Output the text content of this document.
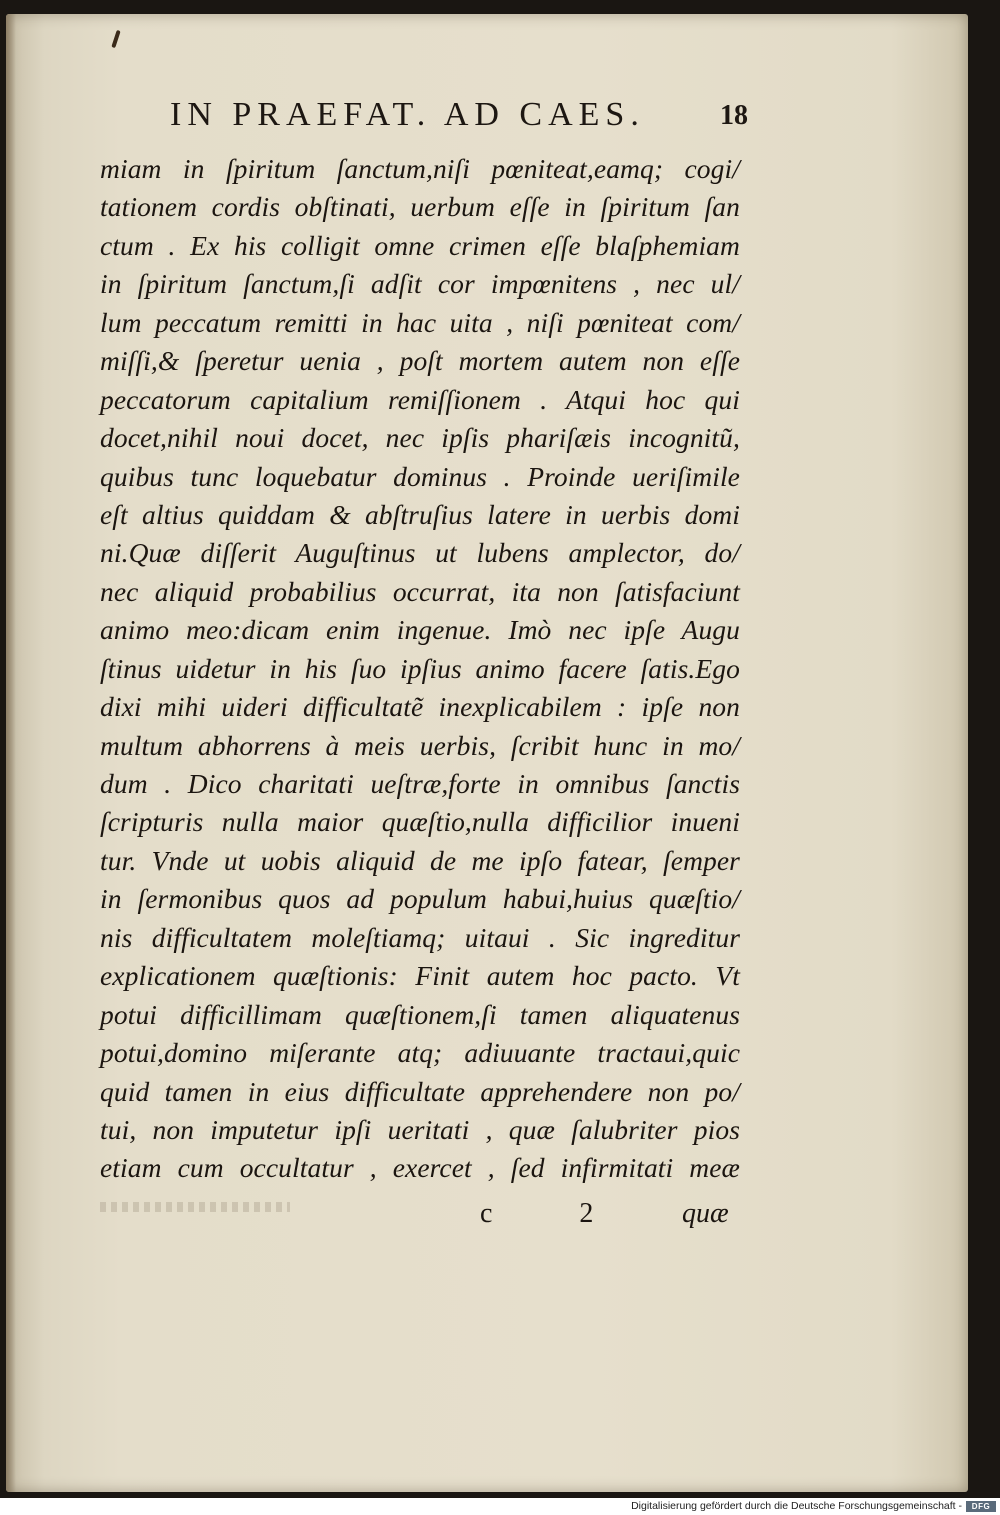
IN PRAEFAT. AD CAES.	18
miam in ſpiritum ſanctum,niſi pœniteat,eamq; cogi/
tationem cordis obſtinati, uerbum eſſe in ſpiritum ſan
ctum . Ex his colligit omne crimen eſſe blaſphemiam
in ſpiritum ſanctum,ſi adſit cor impœnitens , nec ul/
lum peccatum remitti in hac uita , niſi pœniteat com/
miſſi,& ſperetur uenia , poſt mortem autem non eſſe
peccatorum capitalium remiſſionem . Atqui hoc qui
docet,nihil noui docet, nec ipſis phariſæis incognitũ,
quibus tunc loquebatur dominus . Proinde ueriſimile
eſt altius quiddam & abſtruſius latere in uerbis domi
ni.Quæ diſſerit Auguſtinus ut lubens amplector, do/
nec aliquid probabilius occurrat, ita non ſatisfaciunt
animo meo:dicam enim ingenue. Imò nec ipſe Augu
ſtinus uidetur in his ſuo ipſius animo facere ſatis.Ego
dixi mihi uideri difficultatẽ inexplicabilem : ipſe non
multum abhorrens à meis uerbis, ſcribit hunc in mo/
dum . Dico charitati ueſtræ,forte in omnibus ſanctis
ſcripturis nulla maior quæſtio,nulla difficilior inueni
tur. Vnde ut uobis aliquid de me ipſo fatear, ſemper
in ſermonibus quos ad populum habui,huius quæſtio/
nis difficultatem moleſtiamq; uitaui . Sic ingreditur
explicationem quæſtionis: Finit autem hoc pacto. Vt
potui difficillimam quæſtionem,ſi tamen aliquatenus
potui,domino miſerante atq; adiuuante tractaui,quic
quid tamen in eius difficultate apprehendere non po/
tui, non imputetur ipſi ueritati , quæ ſalubriter pios
etiam cum occultatur , exercet , ſed infirmitati meæ
c 2	quæ
Digitalisierung gefördert durch die Deutsche Forschungsgemeinschaft -	DFG
